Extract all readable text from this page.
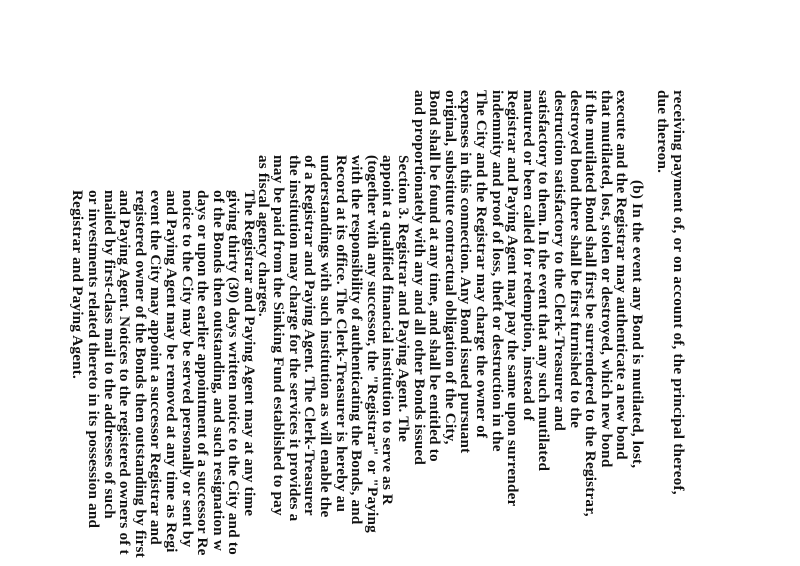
receiving payment of, or on account of, the principal thereof,
due thereon.
(b) In the event any Bond is mutilated, lost,
execute and the Registrar may authenticate a new bond
that mutilated, lost, stolen or destroyed, which new bond
if the mutilated Bond shall first be surrendered to the Registrar,
destroyed bond there shall be first furnished to the
destruction satisfactory to the Clerk-Treasurer and
satisfactory to them. In the event that any such mutilated
matured or been called for redemption, instead of
Registrar and Paying Agent may pay the same upon surrender
indemnity and proof of loss, theft or destruction in the
The City and the Registrar may charge the owner of
expenses in this connection. Any Bond issued pursuant
original, substitute contractual obligation of the City,
Bond shall be found at any time, and shall be entitled to
and proportionately with any and all other Bonds issued
Section 3. Registrar and Paying Agent. The
appoint a qualified financial institution to serve as R
(together with any successor, the "Registrar" or "Paying
with the responsibility of authenticating the Bonds, and
Record at its office. The Clerk-Treasurer is hereby au
understandings with such institution as will enable the
of a Registrar and Paying Agent. The Clerk-Treasurer
the institution may charge for the services it provides a
may be paid from the Sinking Fund established to pay
as fiscal agency charges.
The Registrar and Paying Agent may at any time
giving thirty (30) days written notice to the City and to
of the Bonds then outstanding, and such resignation w
days or upon the earlier appointment of a successor Re
notice to the City may be served personally or sent by
and Paying Agent may be removed at any time as Regi
event the City may appoint a successor Registrar and
registered owner of the Bonds then outstanding by first
and Paying Agent. Notices to the registered owners of t
mailed by first-class mail to the addresses of such
or investments related thereto in its possession and
Registrar and Paying Agent.
